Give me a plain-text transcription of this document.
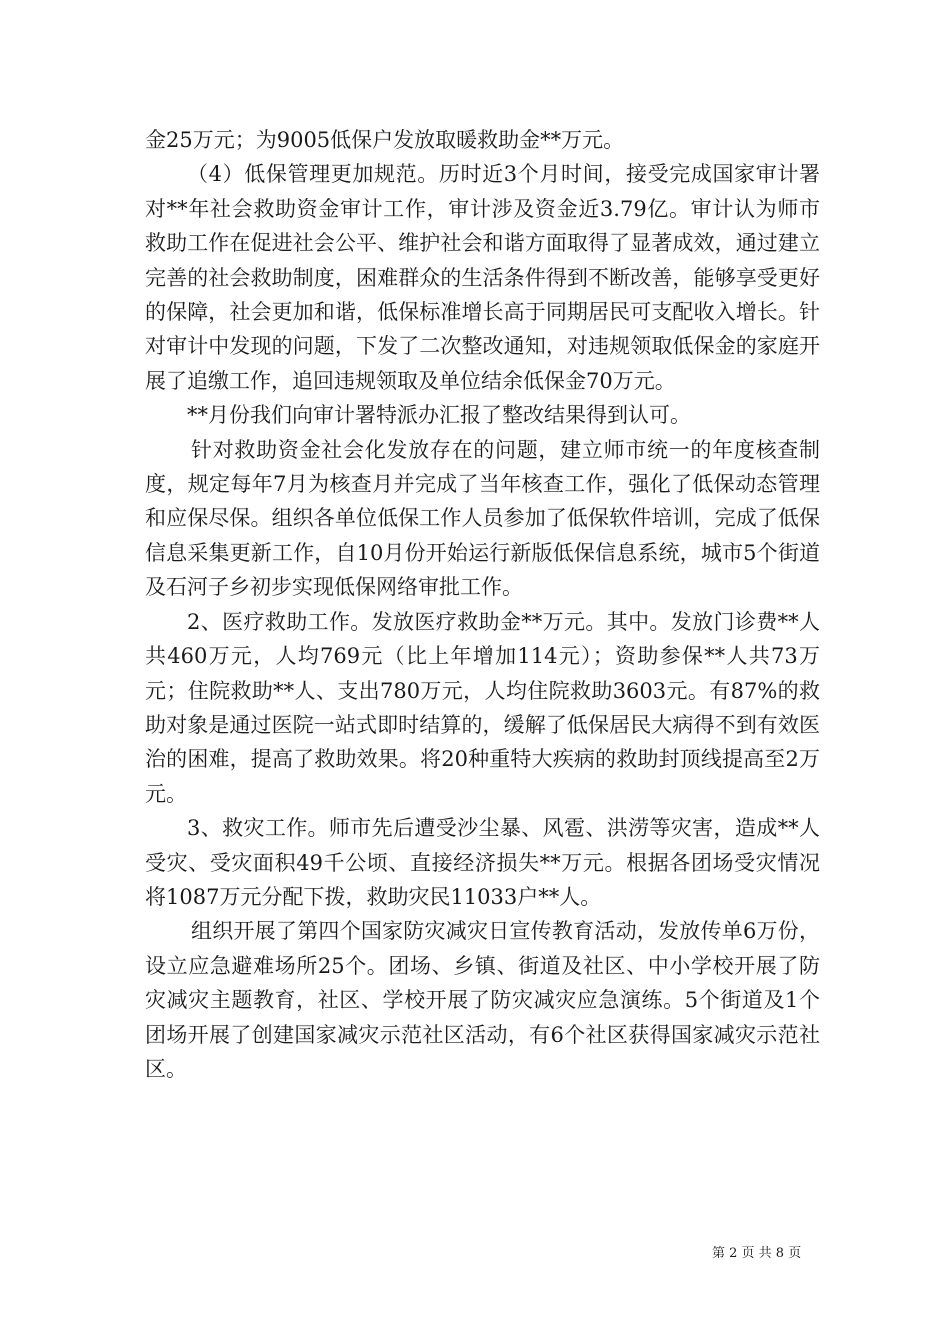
金25万元；为9005低保户发放取暖救助金**万元。

（4）低保管理更加规范。历时近3个月时间，接受完成国家审计署对**年社会救助资金审计工作，审计涉及资金近3.79亿。审计认为师市救助工作在促进社会公平、维护社会和谐方面取得了显著成效，通过建立完善的社会救助制度，困难群众的生活条件得到不断改善，能够享受更好的保障，社会更加和谐，低保标准增长高于同期居民可支配收入增长。针对审计中发现的问题，下发了二次整改通知，对违规领取低保金的家庭开展了追缴工作，追回违规领取及单位结余低保金70万元。

**月份我们向审计署特派办汇报了整改结果得到认可。

针对救助资金社会化发放存在的问题，建立师市统一的年度核查制度，规定每年7月为核查月并完成了当年核查工作，强化了低保动态管理和应保尽保。组织各单位低保工作人员参加了低保软件培训，完成了低保信息采集更新工作，自10月份开始运行新版低保信息系统，城市5个街道及石河子乡初步实现低保网络审批工作。

2、医疗救助工作。发放医疗救助金**万元。其中。发放门诊费**人共460万元，人均769元（比上年增加114元）；资助参保**人共73万元；住院救助**人、支出780万元，人均住院救助3603元。有87%的救助对象是通过医院一站式即时结算的，缓解了低保居民大病得不到有效医治的困难，提高了救助效果。将20种重特大疾病的救助封顶线提高至2万元。

3、救灾工作。师市先后遭受沙尘暴、风雹、洪涝等灾害，造成**人受灾、受灾面积49千公顷、直接经济损失**万元。根据各团场受灾情况将1087万元分配下拨，救助灾民11033户**人。

组织开展了第四个国家防灾减灾日宣传教育活动，发放传单6万份，设立应急避难场所25个。团场、乡镇、街道及社区、中小学校开展了防灾减灾主题教育，社区、学校开展了防灾减灾应急演练。5个街道及1个团场开展了创建国家减灾示范社区活动，有6个社区获得国家减灾示范社区。

第 2 页 共 8 页
